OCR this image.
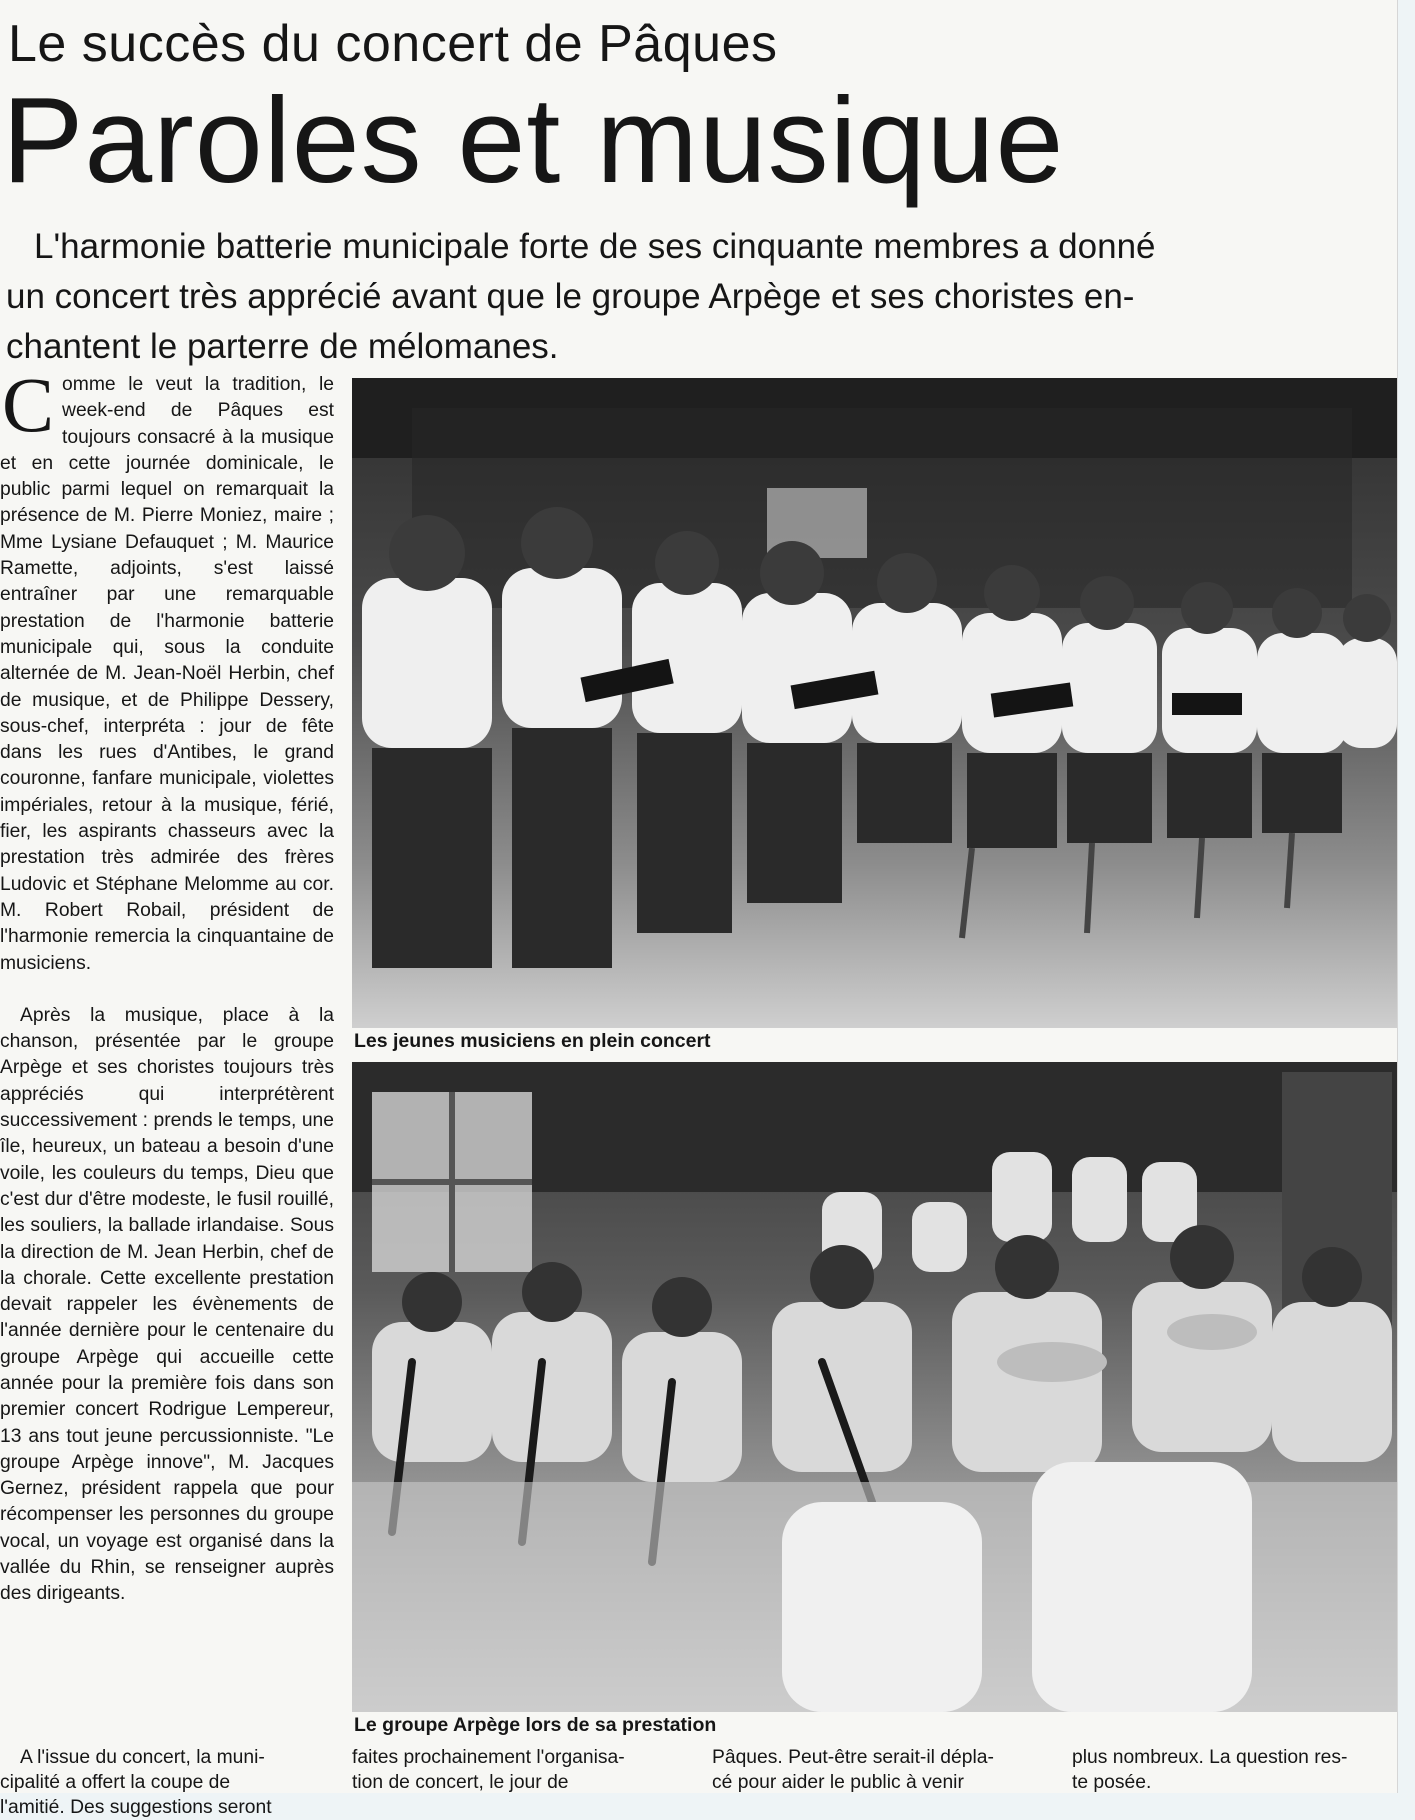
Le succès du concert de Pâques
Paroles et musique
L'harmonie batterie municipale forte de ses cinquante membres a donné
un concert très apprécié avant que le groupe Arpège et ses choristes en-
chantent le parterre de mélomanes.

Comme le veut la tradition, le week-end de Pâques est toujours consacré à la musique et en cette journée dominicale, le public parmi lequel on remarquait la présence de M. Pierre Moniez, maire ; Mme Lysiane Defauquet ; M. Maurice Ramette, adjoints, s'est laissé entraîner par une remarquable prestation de l'harmonie batterie municipale qui, sous la conduite alternée de M. Jean-Noël Herbin, chef de musique, et de Philippe Dessery, sous-chef, interpréta : jour de fête dans les rues d'Antibes, le grand couronne, fanfare municipale, violettes impériales, retour à la musique, férié, fier, les aspirants chasseurs avec la prestation très admirée des frères Ludovic et Stéphane Melomme au cor. M. Robert Robail, président de l'harmonie remercia la cinquantaine de musiciens.

Après la musique, place à la chanson, présentée par le groupe Arpège et ses choristes toujours très appréciés qui interprétèrent successivement : prends le temps, une île, heureux, un bateau a besoin d'une voile, les couleurs du temps, Dieu que c'est dur d'être modeste, le fusil rouillé, les souliers, la ballade irlandaise. Sous la direction de M. Jean Herbin, chef de la chorale. Cette excellente prestation devait rappeler les évènements de l'année dernière pour le centenaire du groupe Arpège qui accueille cette année pour la première fois dans son premier concert Rodrigue Lempereur, 13 ans tout jeune percussionniste. "Le groupe Arpège innove", M. Jacques Gernez, président rappela que pour récompenser les personnes du groupe vocal, un voyage est organisé dans la vallée du Rhin, se renseigner auprès des dirigeants.

A l'issue du concert, la muni-
Les jeunes musiciens en plein concert
Le groupe Arpège lors de sa prestation
cipalité a offert la coupe de
l'amitié. Des suggestions seront
faites prochainement l'organisa-
tion de concert, le jour de
Pâques. Peut-être serait-il dépla-
cé pour aider le public à venir
plus nombreux. La question res-
te posée.
